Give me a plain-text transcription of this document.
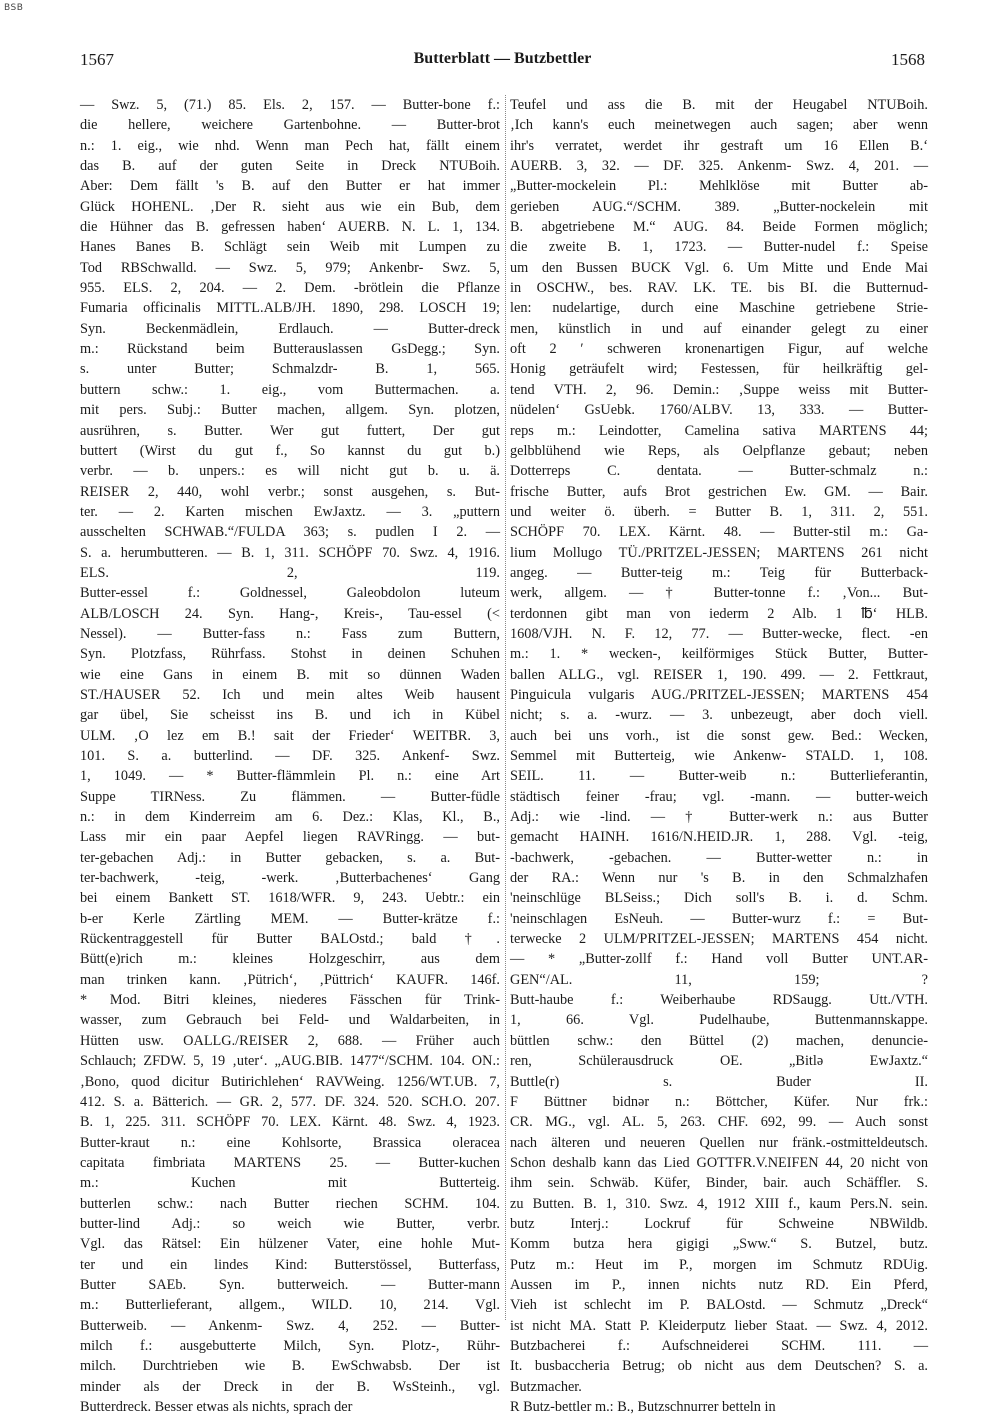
BSB
1567	Butterblatt — Butzbettler	1568
— Swz. 5, (71.) 85. Els. 2, 157. — Butter-bone f.:
die hellere, weichere Gartenbohne. — Butter-brot
n.: 1. eig., wie nhd. Wenn man Pech hat, fällt einem
das B. auf der guten Seite in Dreck NTUBoih.
Aber: Dem fällt 's B. auf den Butter er hat immer
Glück HOHENL. ‚Der R. sieht aus wie ein Bub, dem
die Hühner das B. gefressen haben‘ AUERB. N. L. 1, 134.
Hanes Banes B. Schlägt sein Weib mit Lumpen zu
Tod RBSchwalld. — Swz. 5, 979; Ankenbr- Swz. 5,
955. ELS. 2, 204. — 2. Dem. -brötlein die Pflanze
Fumaria officinalis MITTL.ALB/JH. 1890, 298. LOSCH 19;
Syn. Beckenmädlein, Erdlauch. — Butter-dreck
m.: Rückstand beim Butterauslassen GsDegg.; Syn.
s. unter Butter; Schmalzdr- B. 1, 565.
buttern schw.: 1. eig., vom Buttermachen. a.
mit pers. Subj.: Butter machen, allgem. Syn. plotzen,
ausrühren, s. Butter. Wer gut futtert, Der gut
buttert (Wirst du gut f., So kannst du gut b.)
verbr. — b. unpers.: es will nicht gut b. u. ä.
REISER 2, 440, wohl verbr.; sonst ausgehen, s. But-
ter. — 2. Karten mischen EwJaxtz. — 3. „puttern
ausschelten SCHWAB.“/FULDA 363; s. pudlen I 2. —
S. a. herumbutteren. — B. 1, 311. SCHÖPF 70. Swz. 4, 1916.
ELS. 2, 119.
Butter-essel f.: Goldnessel, Galeobdolon luteum
ALB/LOSCH 24. Syn. Hang-, Kreis-, Tau-essel (<
Nessel). — Butter-fass n.: Fass zum Buttern,
Syn. Plotzfass, Rührfass. Stohst in deinen Schuhen
wie eine Gans in einem B. mit so dünnen Waden
ST./HAUSER 52. Ich und mein altes Weib hausent
gar übel, Sie scheisst ins B. und ich in Kübel
ULM. ‚O lez em B.! sait der Frieder‘ WEITBR. 3,
101. S. a. butterlind. — DF. 325. Ankenf- Swz.
1, 1049. — * Butter-flämmlein Pl. n.: eine Art
Suppe TIRNess. Zu flämmen. — Butter-füdle
n.: in dem Kinderreim am 6. Dez.: Klas, Kl., B.,
Lass mir ein paar Aepfel liegen RAVRingg. — but-
ter-gebachen Adj.: in Butter gebacken, s. a. But-
ter-bachwerk, -teig, -werk. ‚Butterbachenes‘ Gang
bei einem Bankett ST. 1618/WFR. 9, 243. Uebtr.: ein
b-er Kerle Zärtling MEM. — Butter-krätze f.:
Rückentraggestell für Butter BALOstd.; bald †.
Bütt(e)rich m.: kleines Holzgeschirr, aus dem
man trinken kann. ‚Pütrich‘, ‚Püttrich‘ KAUFR. 146f.
* Mod. Bitri kleines, niederes Fässchen für Trink-
wasser, zum Gebrauch bei Feld- und Waldarbeiten, in
Hütten usw. OALLG./REISER 2, 688. — Früher auch
Schlauch; ZFDW. 5, 19 ‚uter‘. „AUG.BIB. 1477“/SCHM. 104. ON.:
‚Bono, quod dicitur Butirichlehen‘ RAVWeing. 1256/WT.UB. 7,
412. S. a. Bätterich. — GR. 2, 577. DF. 324. 520. SCH.O. 207.
B. 1, 225. 311. SCHÖPF 70. LEX. Kärnt. 48. Swz. 4, 1923.
Butter-kraut n.: eine Kohlsorte, Brassica oleracea
capitata fimbriata MARTENS 25. — Butter-kuchen
m.: Kuchen mit Butterteig.
butterlen schw.: nach Butter riechen SCHM. 104.
butter-lind Adj.: so weich wie Butter, verbr.
Vgl. das Rätsel: Ein hülzener Vater, eine hohle Mut-
ter und ein lindes Kind: Butterstössel, Butterfass,
Butter SAEb. Syn. butterweich. — Butter-mann
m.: Butterlieferant, allgem., WILD. 10, 214. Vgl.
Butterweib. — Ankenm- Swz. 4, 252. — Butter-
milch f.: ausgebutterte Milch, Syn. Plotz-, Rühr-
milch. Durchtrieben wie B. EwSchwabsb. Der ist
minder als der Dreck in der B. WsSteinh., vgl.
Butterdreck. Besser etwas als nichts, sprach der
Teufel und ass die B. mit der Heugabel NTUBoih.
‚Ich kann's euch meinetwegen auch sagen; aber wenn
ihr's verratet, werdet ihr gestraft um 16 Ellen B.‘
AUERB. 3, 32. — DF. 325. Ankenm- Swz. 4, 201. —
„Butter-mockelein Pl.: Mehlklöse mit Butter ab-
gerieben AUG.“/SCHM. 389. „Butter-nockelein mit
B. abgetriebene M.“ AUG. 84. Beide Formen möglich;
die zweite B. 1, 1723. — Butter-nudel f.: Speise
um den Bussen BUCK Vgl. 6. Um Mitte und Ende Mai
in OSCHW., bes. RAV. LK. TE. bis BI. die Butternud-
len: nudelartige, durch eine Maschine getriebene Strie-
men, künstlich in und auf einander gelegt zu einer
oft 2 ′ schweren kronenartigen Figur, auf welche
Honig geträufelt wird; Festessen, für heilkräftig gel-
tend VTH. 2, 96. Demin.: ‚Suppe weiss mit Butter-
nüdelen‘ GsUebk. 1760/ALBV. 13, 333. — Butter-
reps m.: Leindotter, Camelina sativa MARTENS 44;
gelbblühend wie Reps, als Oelpflanze gebaut; neben
Dotterreps C. dentata. — Butter-schmalz n.:
frische Butter, aufs Brot gestrichen Ew. GM. — Bair.
und weiter ö. überh. = Butter B. 1, 311. 2, 551.
SCHÖPF 70. LEX. Kärnt. 48. — Butter-stil m.: Ga-
lium Mollugo TÜ./PRITZEL-JESSEN; MARTENS 261 nicht
angeg. — Butter-teig m.: Teig für Butterback-
werk, allgem. — † Butter-tonne f.: ‚Von... But-
terdonnen gibt man von iederm 2 Alb. 1 ℔‘ HLB.
1608/VJH. N. F. 12, 77. — Butter-wecke, flect. -en
m.: 1. * wecken-, keilförmiges Stück Butter, Butter-
ballen ALLG., vgl. REISER 1, 190. 499. — 2. Fettkraut,
Pinguicula vulgaris AUG./PRITZEL-JESSEN; MARTENS 454
nicht; s. a. -wurz. — 3. unbezeugt, aber doch viell.
auch bei uns vorh., ist die sonst gew. Bed.: Wecken,
Semmel mit Butterteig, wie Ankenw- STALD. 1, 108.
SEIL. 11. — Butter-weib n.: Butterlieferantin,
städtisch feiner -frau; vgl. -mann. — butter-weich
Adj.: wie -lind. — † Butter-werk n.: aus Butter
gemacht HAINH. 1616/N.HEID.JR. 1, 288. Vgl. -teig,
-bachwerk, -gebachen. — Butter-wetter n.: in
der RA.: Wenn nur 's B. in den Schmalzhafen
'neinschlüge BLSeiss.; Dich soll's B. i. d. Schm.
'neinschlagen EsNeuh. — Butter-wurz f.: = But-
terwecke 2 ULM/PRITZEL-JESSEN; MARTENS 454 nicht.
— * „Butter-zollf f.: Hand voll Butter UNT.AR-
GEN“/AL. 11, 159; ?
Butt-haube f.: Weiberhaube RDSaugg. Utt./VTH.
1, 66. Vgl. Pudelhaube, Buttenmannskappe.
büttlen schw.: den Büttel (2) machen, denuncie-
ren, Schülerausdruck OE. „Bitlə EwJaxtz.“
Buttle(r) s. Buder II.
F Büttner bidnər n.: Böttcher, Küfer. Nur frk.:
CR. MG., vgl. AL. 5, 263. CHF. 692, 99. — Auch sonst
nach älteren und neueren Quellen nur fränk.-ostmitteldeutsch.
Schon deshalb kann das Lied GOTTFR.V.NEIFEN 44, 20 nicht von
ihm sein. Schwäb. Küfer, Binder, bair. auch Schäffler. S.
zu Butten. B. 1, 310. Swz. 4, 1912 XIII f., kaum Pers.N. sein.
butz Interj.: Lockruf für Schweine NBWildb.
Komm butza hera gigigi „Sww.“ S. Butzel, butz.
Putz m.: Heut im P., morgen im Schmutz RDUig.
Aussen im P., innen nichts nutz RD. Ein Pferd,
Vieh ist schlecht im P. BALOstd. — Schmutz „Dreck“
ist nicht MA. Statt P. Kleiderputz lieber Staat. — Swz. 4, 2012.
Butzbacherei f.: Aufschneiderei SCHM. 111. —
It. busbaccheria Betrug; ob nicht aus dem Deutschen? S. a.
Butzmacher.
R Butz-bettler m.: B., Butzschnurrer betteln in
